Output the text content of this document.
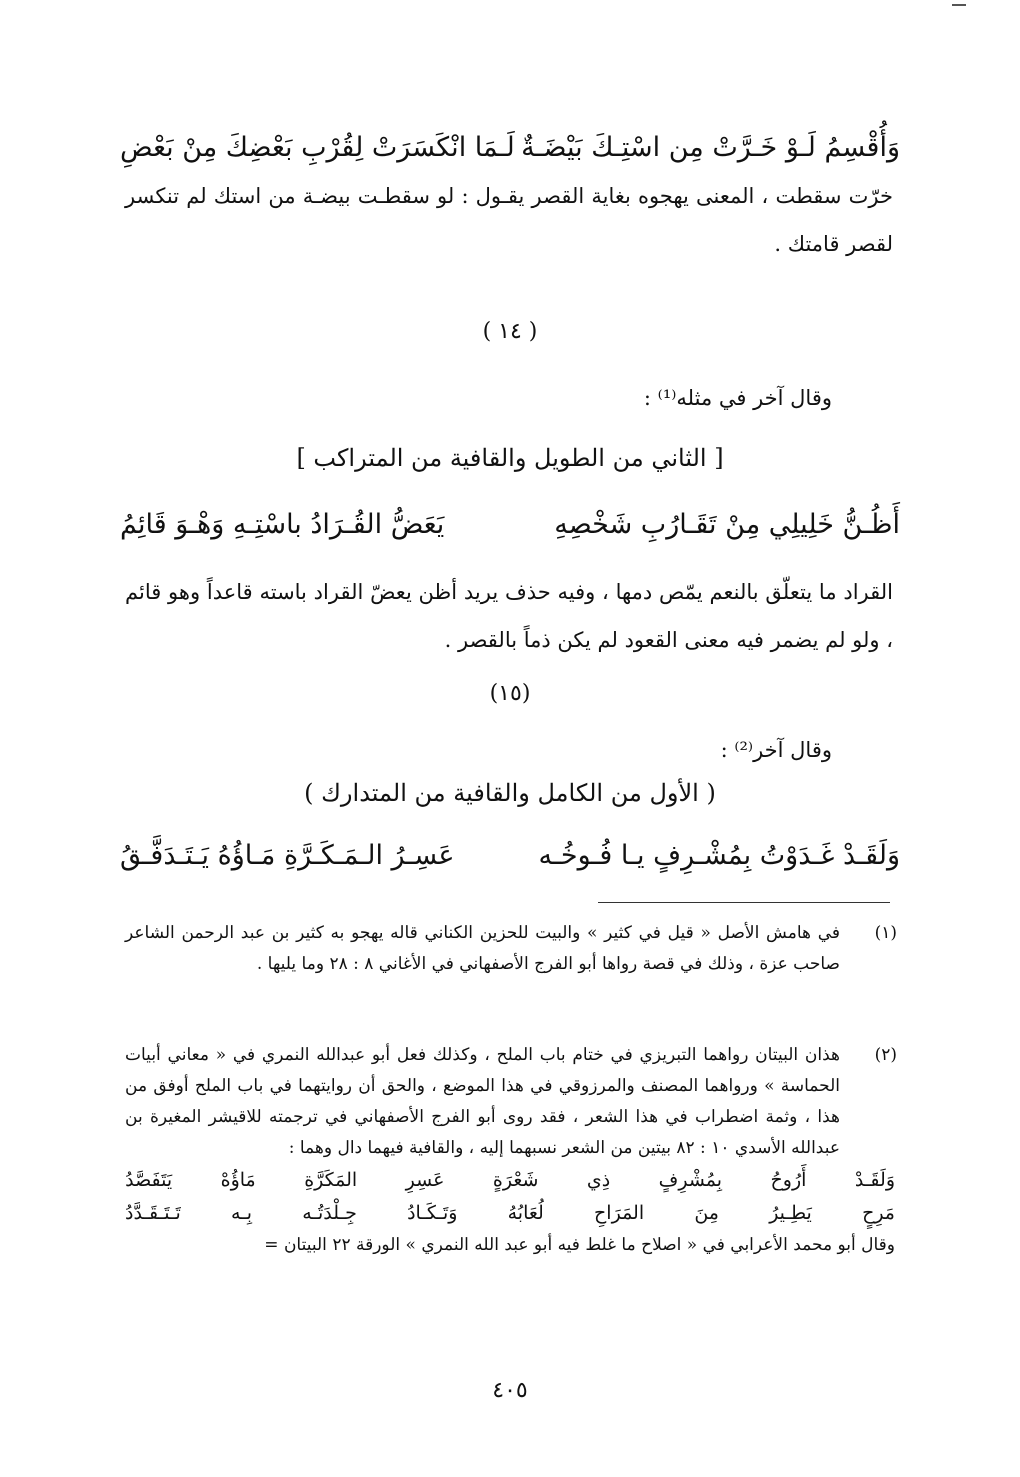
وَأُقْسِمُ لَـوْ خَـرَّتْ مِن اسْتِـكَ بَيْضَـةٌ
لَـمَا انْكَسَرَتْ لِقُرْبِ بَعْضِكَ مِنْ بَعْضِ

خرّت سقطت ، المعنى يهجوه بغاية القصر يقـول : لو سقطـت بيضـة من استك لم تنكسر لقصر قامتك .

( ١٤ )
وقال آخر في مثله⁽¹⁾ :
[ الثاني من الطويل والقافية من المتراكب ]
أَظُـنُّ خَلِيلِي مِنْ تَقَـارُبِ شَخْصِهِ
يَعَضُّ القُـرَادُ باسْتِـهِ وَهْـوَ قَائِمُ

القراد ما يتعلّق بالنعم يمّص دمها ، وفيه حذف يريد أظن يعضّ القراد باسته قاعداً وهو قائم ، ولو لم يضمر فيه معنى القعود لم يكن ذماً بالقصر .

(١٥)
وقال آخر⁽²⁾ :
( الأول من الكامل والقافية من المتدارك )
وَلَقَـدْ غَـدَوْتُ بِمُشْـرِفٍ يـا فُـوخُـه
عَسِـرُ الـمَـكَـرَّةِ مَـاؤُهُ يَـتَـدَفَّـقُ
(١)
في هامش الأصل « قيل في كثير » والبيت للحزين الكناني قاله يهجو به كثير بن عبد الرحمن الشاعر صاحب عزة ، وذلك في قصة رواها أبو الفرج الأصفهاني في الأغاني ٨ : ٢٨ وما يليها .
(٢)
هذان البيتان رواهما التبريزي في ختام باب الملح ، وكذلك فعل أبو عبدالله النمري في « معاني أبيات الحماسة » ورواهما المصنف والمرزوقي في هذا الموضع ، والحق أن روايتهما في باب الملح أوفق من هذا ، وثمة اضطراب في هذا الشعر ، فقد روى أبو الفرج الأصفهاني في ترجمته للاقيشر المغيرة بن عبدالله الأسدي ١٠ : ٨٢ بيتين من الشعر نسبهما إليه ، والقافية فيهما دال وهما :
وَلَقَـدْ
أَرُوحُ
بِمُشْرِفٍ
ذِي
شَعْرَةٍ
عَسِرِ
المَكَرَّةِ
مَاؤُهْ
يَتَفَصَّدُ
مَرِحٍ
يَطِـيرُ
مِنَ
المَرَاحِ
لُعَابُهُ
وَتَـكَـادُ
جِـلْدَتُـه
بِـه
تَـتَـقَـدَّدُ
وقال أبو محمد الأعرابي في « اصلاح ما غلط فيه أبو عبد الله النمري » الورقة ٢٢ البيتان =
٤٠٥
